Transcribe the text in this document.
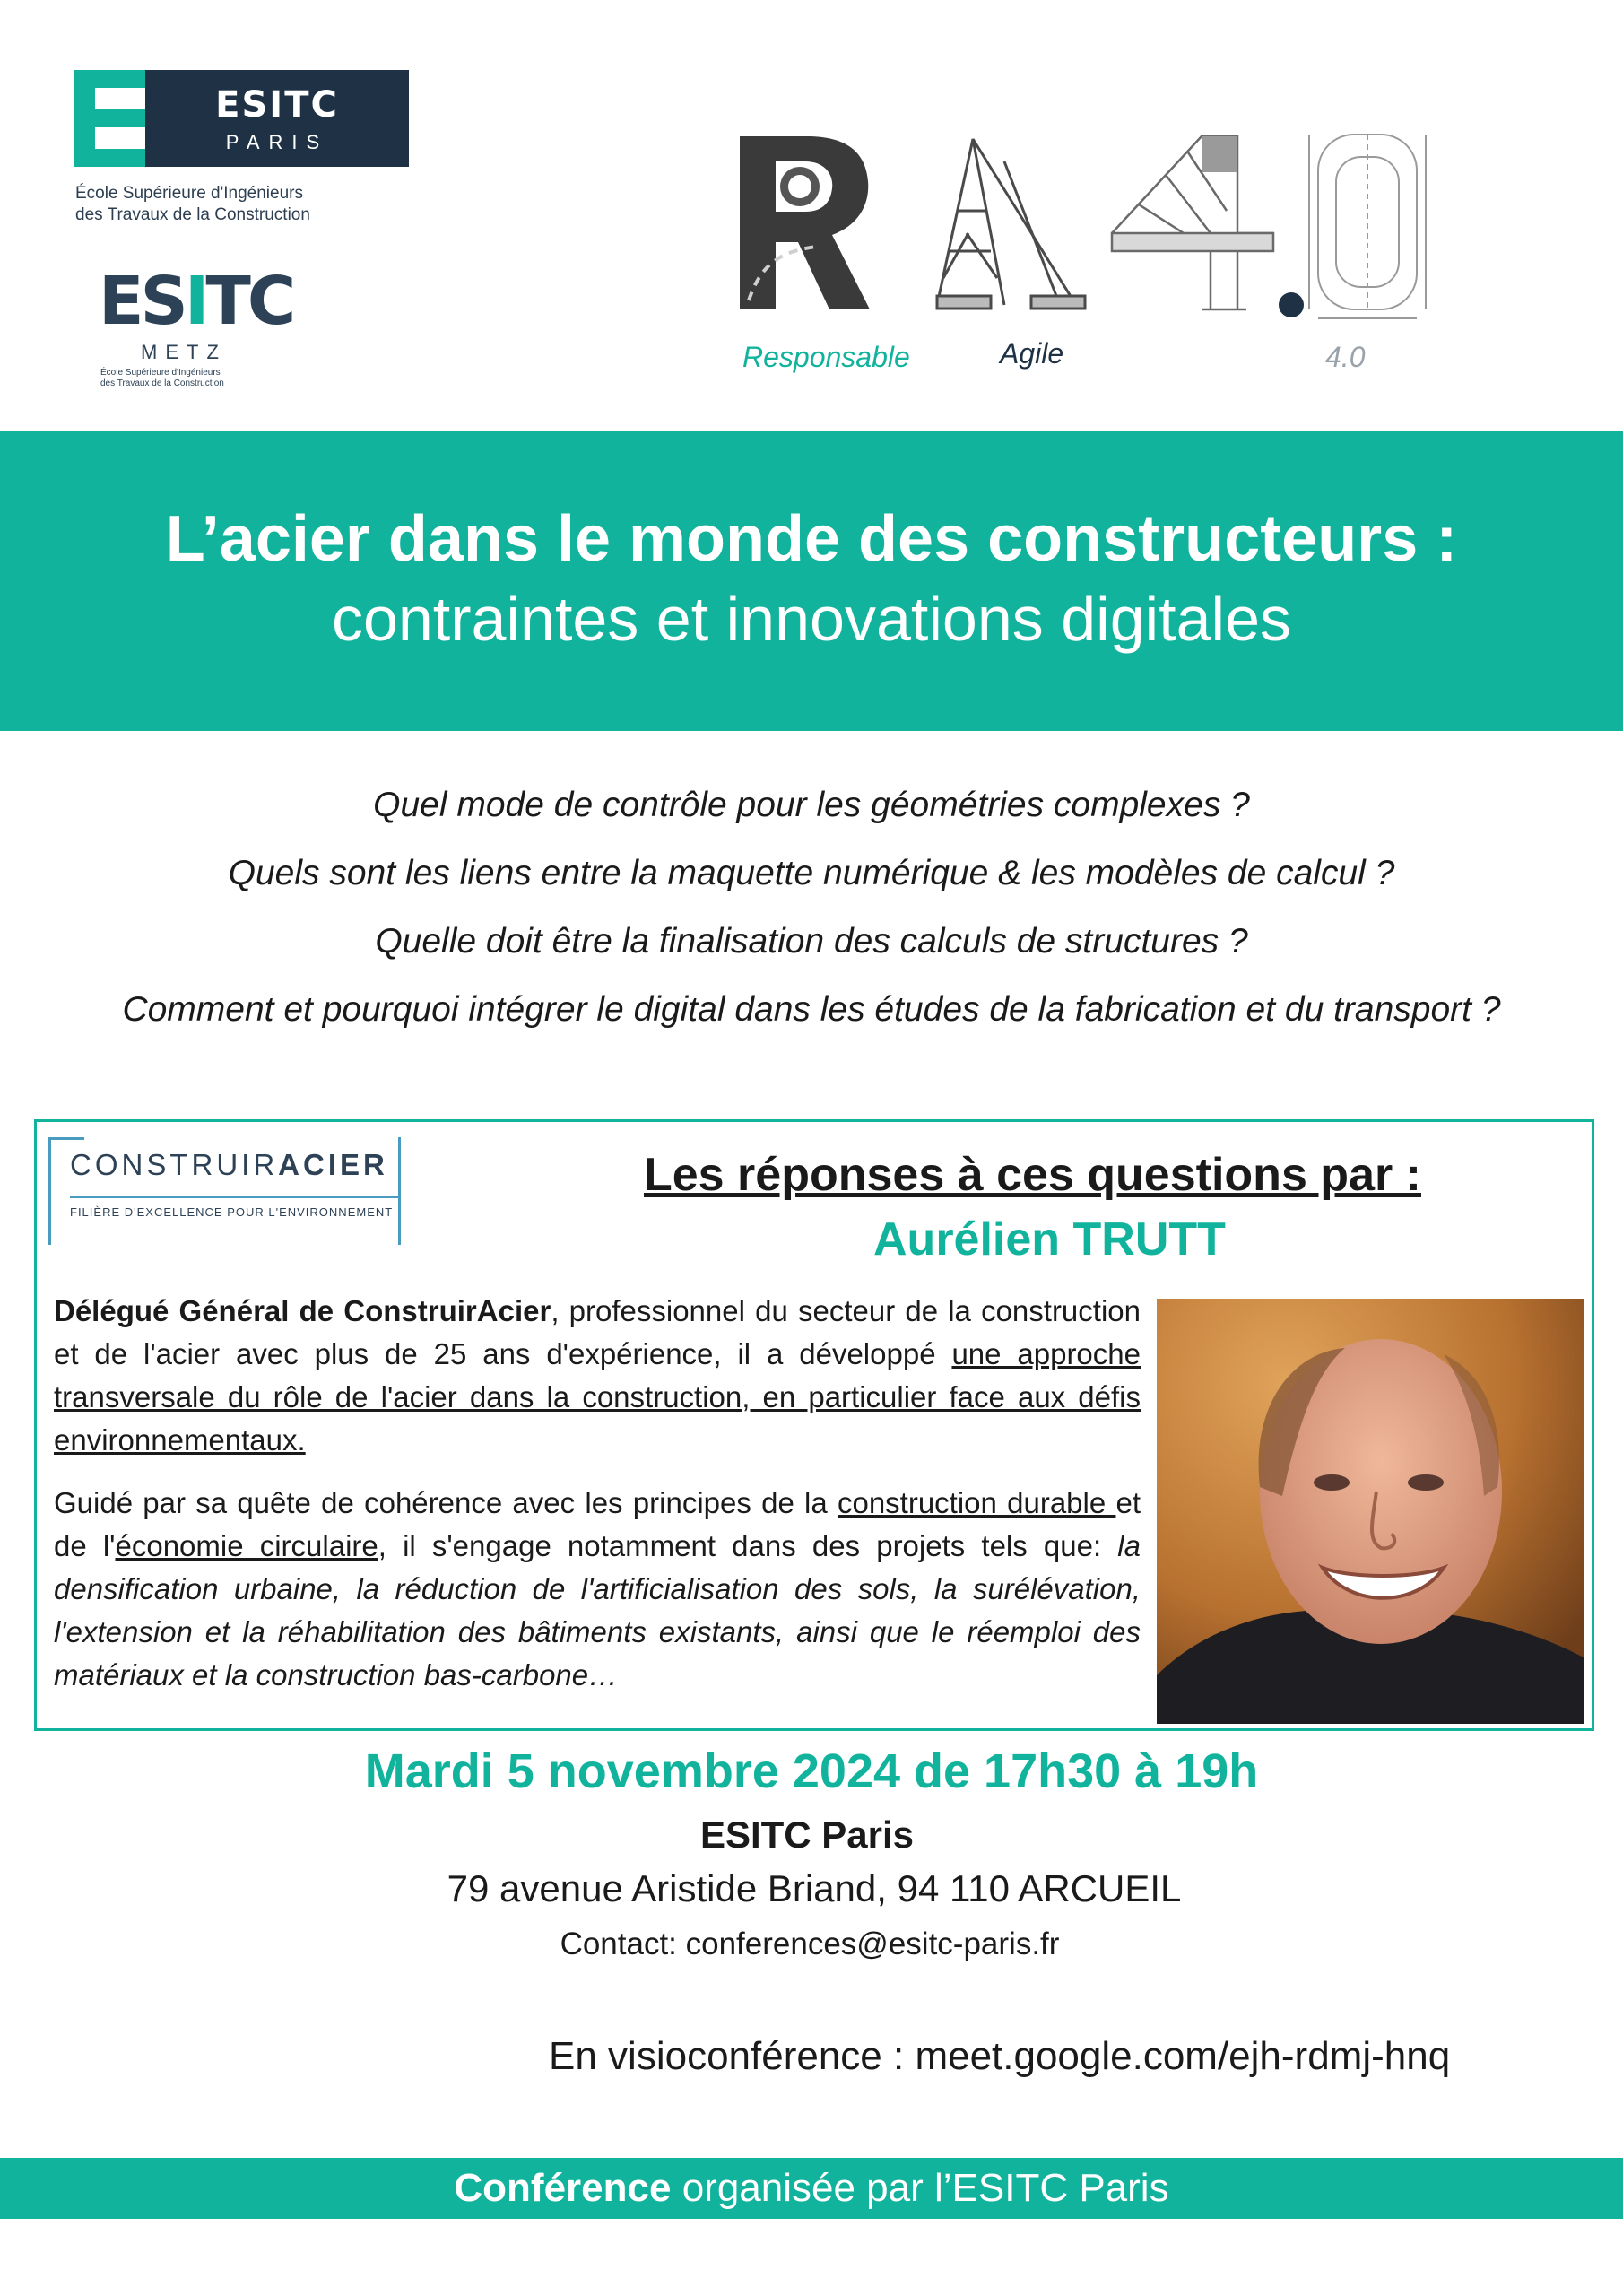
ESITC
PARIS
École Supérieure d'Ingénieurs
des Travaux de la Construction
ESITC
METZ
École Supérieure d'Ingénieurs
des Travaux de la Construction
Responsable	Agile	4.0
L’acier dans le monde des constructeurs :
contraintes et innovations digitales
Quel mode de contrôle pour les géométries complexes ?
Quels sont les liens entre la maquette numérique & les modèles de calcul ?
Quelle doit être la finalisation des calculs de structures ?
Comment et pourquoi intégrer le digital dans les études de la fabrication et du transport ?
CONSTRUIRACIER
FILIÈRE D'EXCELLENCE POUR L'ENVIRONNEMENT
Les réponses à ces questions par :
Aurélien TRUTT

Délégué Général de ConstruirAcier, professionnel du secteur de la construction et de l'acier avec plus de 25 ans d'expérience, il a développé une approche transversale du rôle de l'acier dans la construction, en particulier face aux défis environnementaux.

Guidé par sa quête de cohérence avec les principes de la construction durable et de l'économie circulaire, il s'engage notamment dans des projets tels que: la densification urbaine, la réduction de l'artificialisation des sols, la surélévation, l'extension et la réhabilitation des bâtiments existants, ainsi que le réemploi des matériaux et la construction bas-carbone…

Mardi 5 novembre 2024 de 17h30 à 19h
ESITC Paris
79 avenue Aristide Briand, 94 110 ARCUEIL
Contact: conferences@esitc-paris.fr
En visioconférence : meet.google.com/ejh-rdmj-hnq
Conférence organisée par l’ESITC Paris
